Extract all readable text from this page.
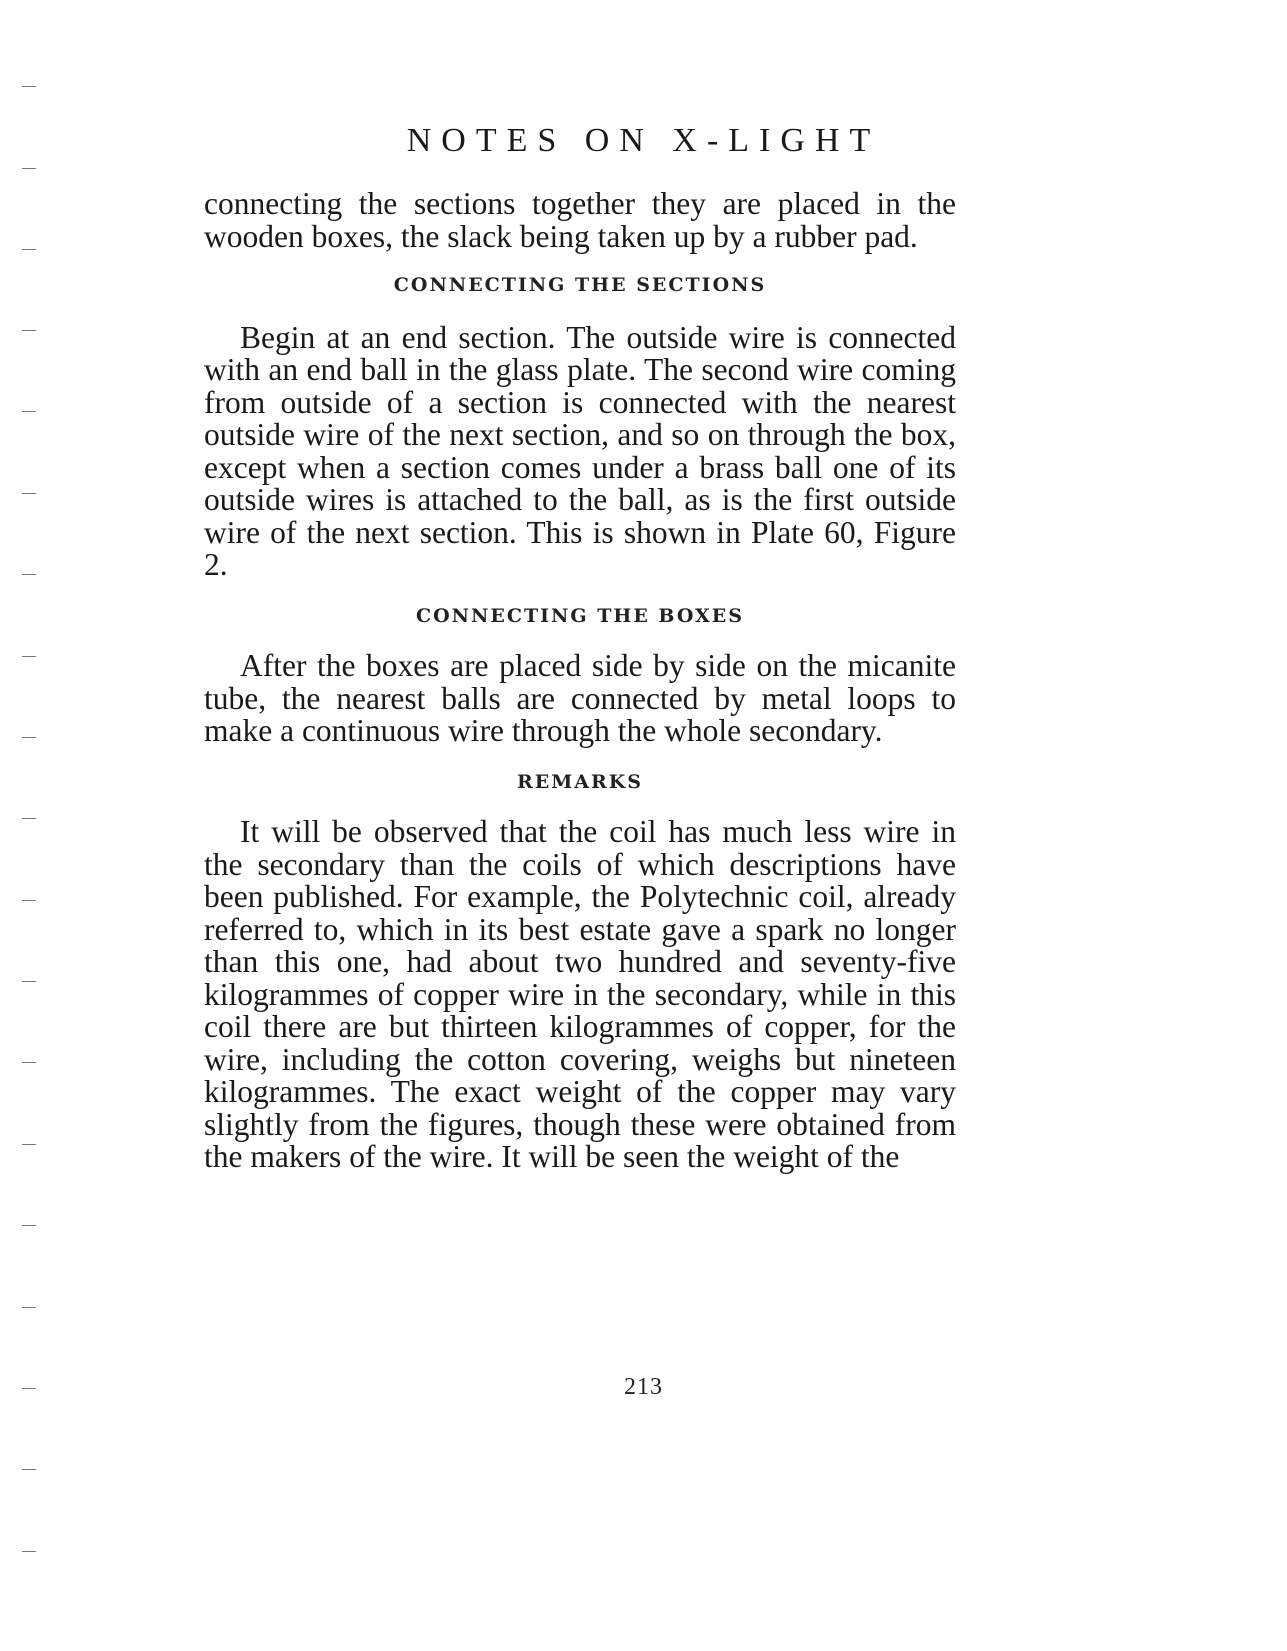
NOTES ON X-LIGHT

connecting the sections together they are placed in the wooden boxes, the slack being taken up by a rubber pad.

CONNECTING THE SECTIONS

Begin at an end section. The outside wire is connected with an end ball in the glass plate. The second wire coming from outside of a section is connected with the nearest outside wire of the next section, and so on through the box, except when a section comes under a brass ball one of its outside wires is attached to the ball, as is the first outside wire of the next section. This is shown in Plate 60, Figure 2.

CONNECTING THE BOXES

After the boxes are placed side by side on the micanite tube, the nearest balls are connected by metal loops to make a continuous wire through the whole secondary.

REMARKS

It will be observed that the coil has much less wire in the secondary than the coils of which descriptions have been published. For example, the Polytechnic coil, already referred to, which in its best estate gave a spark no longer than this one, had about two hundred and seventy-five kilogrammes of copper wire in the secondary, while in this coil there are but thirteen kilogrammes of copper, for the wire, including the cotton covering, weighs but nineteen kilogrammes. The exact weight of the copper may vary slightly from the figures, though these were obtained from the makers of the wire. It will be seen the weight of the

213
